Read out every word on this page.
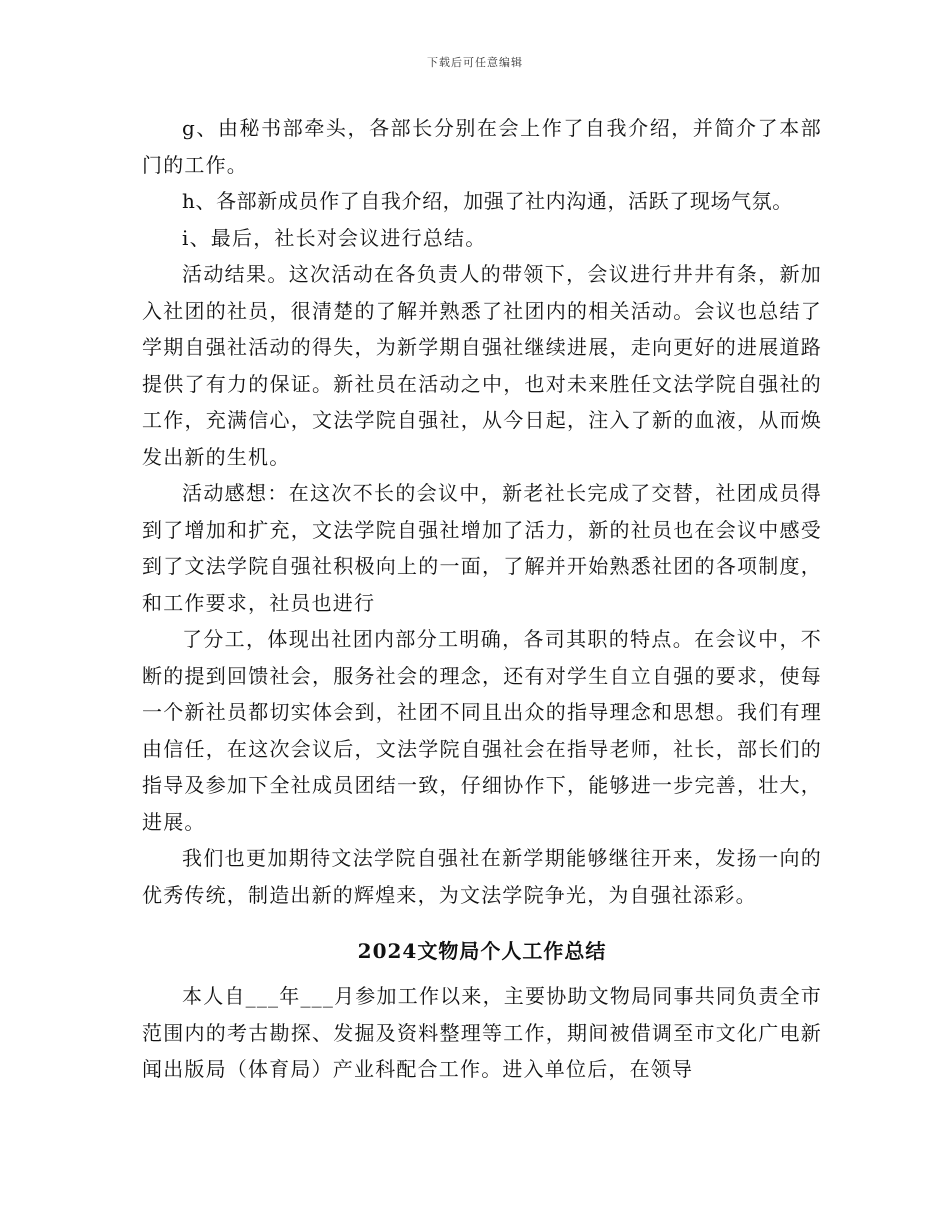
下载后可任意编辑

g、由秘书部牵头，各部长分别在会上作了自我介绍，并简介了本部门的工作。

h、各部新成员作了自我介绍，加强了社内沟通，活跃了现场气氛。

i、最后，社长对会议进行总结。

活动结果。这次活动在各负责人的带领下，会议进行井井有条，新加入社团的社员，很清楚的了解并熟悉了社团内的相关活动。会议也总结了学期自强社活动的得失，为新学期自强社继续进展，走向更好的进展道路提供了有力的保证。新社员在活动之中，也对未来胜任文法学院自强社的工作，充满信心，文法学院自强社，从今日起，注入了新的血液，从而焕发出新的生机。

活动感想：在这次不长的会议中，新老社长完成了交替，社团成员得到了增加和扩充，文法学院自强社增加了活力，新的社员也在会议中感受到了文法学院自强社积极向上的一面，了解并开始熟悉社团的各项制度，和工作要求，社员也进行

了分工，体现出社团内部分工明确，各司其职的特点。在会议中，不断的提到回馈社会，服务社会的理念，还有对学生自立自强的要求，使每一个新社员都切实体会到，社团不同且出众的指导理念和思想。我们有理由信任，在这次会议后，文法学院自强社会在指导老师，社长，部长们的指导及参加下全社成员团结一致，仔细协作下，能够进一步完善，壮大，进展。

我们也更加期待文法学院自强社在新学期能够继往开来，发扬一向的优秀传统，制造出新的辉煌来，为文法学院争光，为自强社添彩。

2024文物局个人工作总结

本人自___年___月参加工作以来，主要协助文物局同事共同负责全市范围内的考古勘探、发掘及资料整理等工作，期间被借调至市文化广电新闻出版局（体育局）产业科配合工作。进入单位后，在领导
